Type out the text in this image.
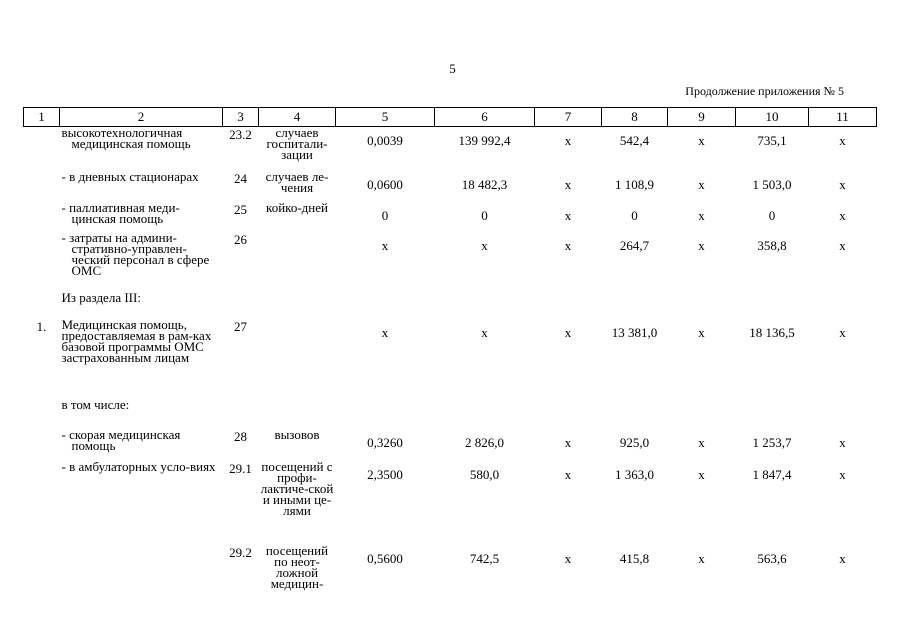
5
Продолжение приложения № 5
1	2	3	4	5	6	7	8	9	10	11

	высокотехнологичная медицинская помощь	23.2	случаев госпитали-зации	0,0039	139 992,4	x	542,4	x	735,1	x

	- в дневных стационарах	24	случаев ле-чения	0,0600	18 482,3	x	1 108,9	x	1 503,0	x

	- паллиативная меди-цинская помощь	25	койко-дней	0	0	x	0	x	0	x

	- затраты на админи-стративно-управлен-ческий персонал в сфере ОМС	26		x	x	x	264,7	x	358,8	x
	Из раздела III:									
1.	Медицинская помощь, предоставляемая в рам-ках базовой программы ОМС застрахованным лицам	27		x	x	x	13 381,0	x	18 136,5	x
	в том числе:									

	- скорая медицинская помощь	28	вызовов	0,3260	2 826,0	x	925,0	x	1 253,7	x

	- в амбулаторных усло-виях	29.1	посещений с профи-лактиче-ской и иными це-лями	2,3500	580,0	x	1 363,0	x	1 847,4	x

	29.2	посещений по неот-ложной медицин-	0,5600	742,5	x	415,8	x	563,6	x
